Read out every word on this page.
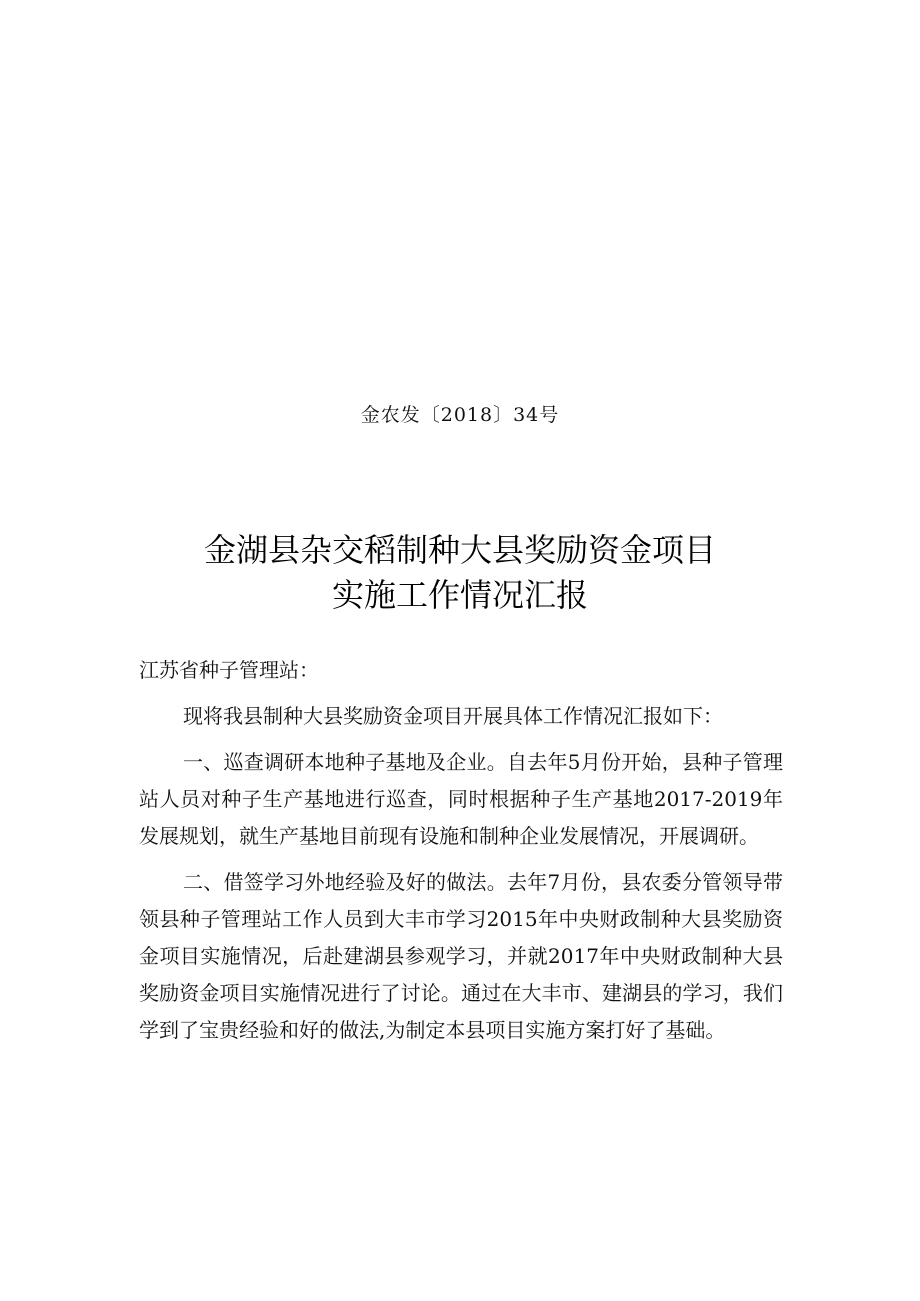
金农发〔2018〕34号
金湖县杂交稻制种大县奖励资金项目
实施工作情况汇报

江苏省种子管理站：

现将我县制种大县奖励资金项目开展具体工作情况汇报如下：

一、巡查调研本地种子基地及企业。自去年5月份开始，县种子管理站人员对种子生产基地进行巡查，同时根据种子生产基地2017-2019年发展规划，就生产基地目前现有设施和制种企业发展情况，开展调研。

二、借签学习外地经验及好的做法。去年7月份，县农委分管领导带领县种子管理站工作人员到大丰市学习2015年中央财政制种大县奖励资金项目实施情况，后赴建湖县参观学习，并就2017年中央财政制种大县奖励资金项目实施情况进行了讨论。通过在大丰市、建湖县的学习，我们学到了宝贵经验和好的做法,为制定本县项目实施方案打好了基础。
